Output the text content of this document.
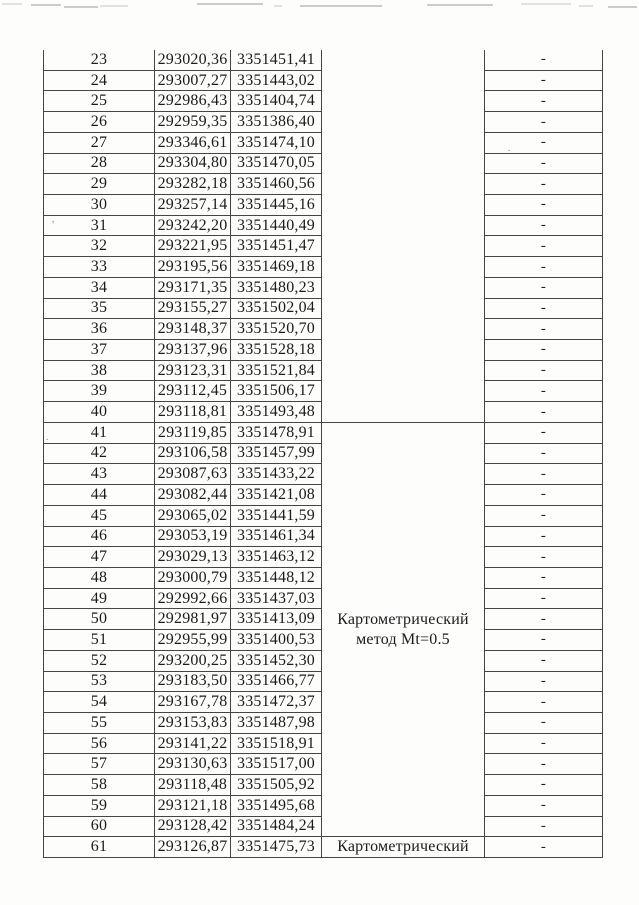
,
.
.
23	293020,36 3351451,41	-
24	293007,27 3351443,02	-
25	292986,43 3351404,74	-
26	292959,35 3351386,40	-
27	293346,61 3351474,10	-
28	293304,80 3351470,05	-
29	293282,18 3351460,56	-
30	293257,14 3351445,16	-
31	293242,20 3351440,49	-
32	293221,95 3351451,47	-
33	293195,56 3351469,18	-
34	293171,35 3351480,23	-
35	293155,27 3351502,04	-
36	293148,37 3351520,70	-
37	293137,96 3351528,18	-
38	293123,31 3351521,84	-
39	293112,45 3351506,17	-
40	293118,81 3351493,48	-
41	293119,85 3351478,91	-
42	293106,58 3351457,99	-
43	293087,63 3351433,22	-
44	293082,44 3351421,08	-
45	293065,02 3351441,59	-
46	293053,19 3351461,34	-
47	293029,13 3351463,12	-
48	293000,79 3351448,12	-
49	292992,66 3351437,03	-
50	292981,97 3351413,09	-
51	292955,99 3351400,53	-
52	293200,25 3351452,30	-
53	293183,50 3351466,77	-
54	293167,78 3351472,37	-
55	293153,83 3351487,98	-
56	293141,22 3351518,91	-
57	293130,63 3351517,00	-
58	293118,48 3351505,92	-
59	293121,18 3351495,68	-
60	293128,42 3351484,24	-
61	293126,87 3351475,73	-
Картометрический метод Mt=0.5
Картометрический
